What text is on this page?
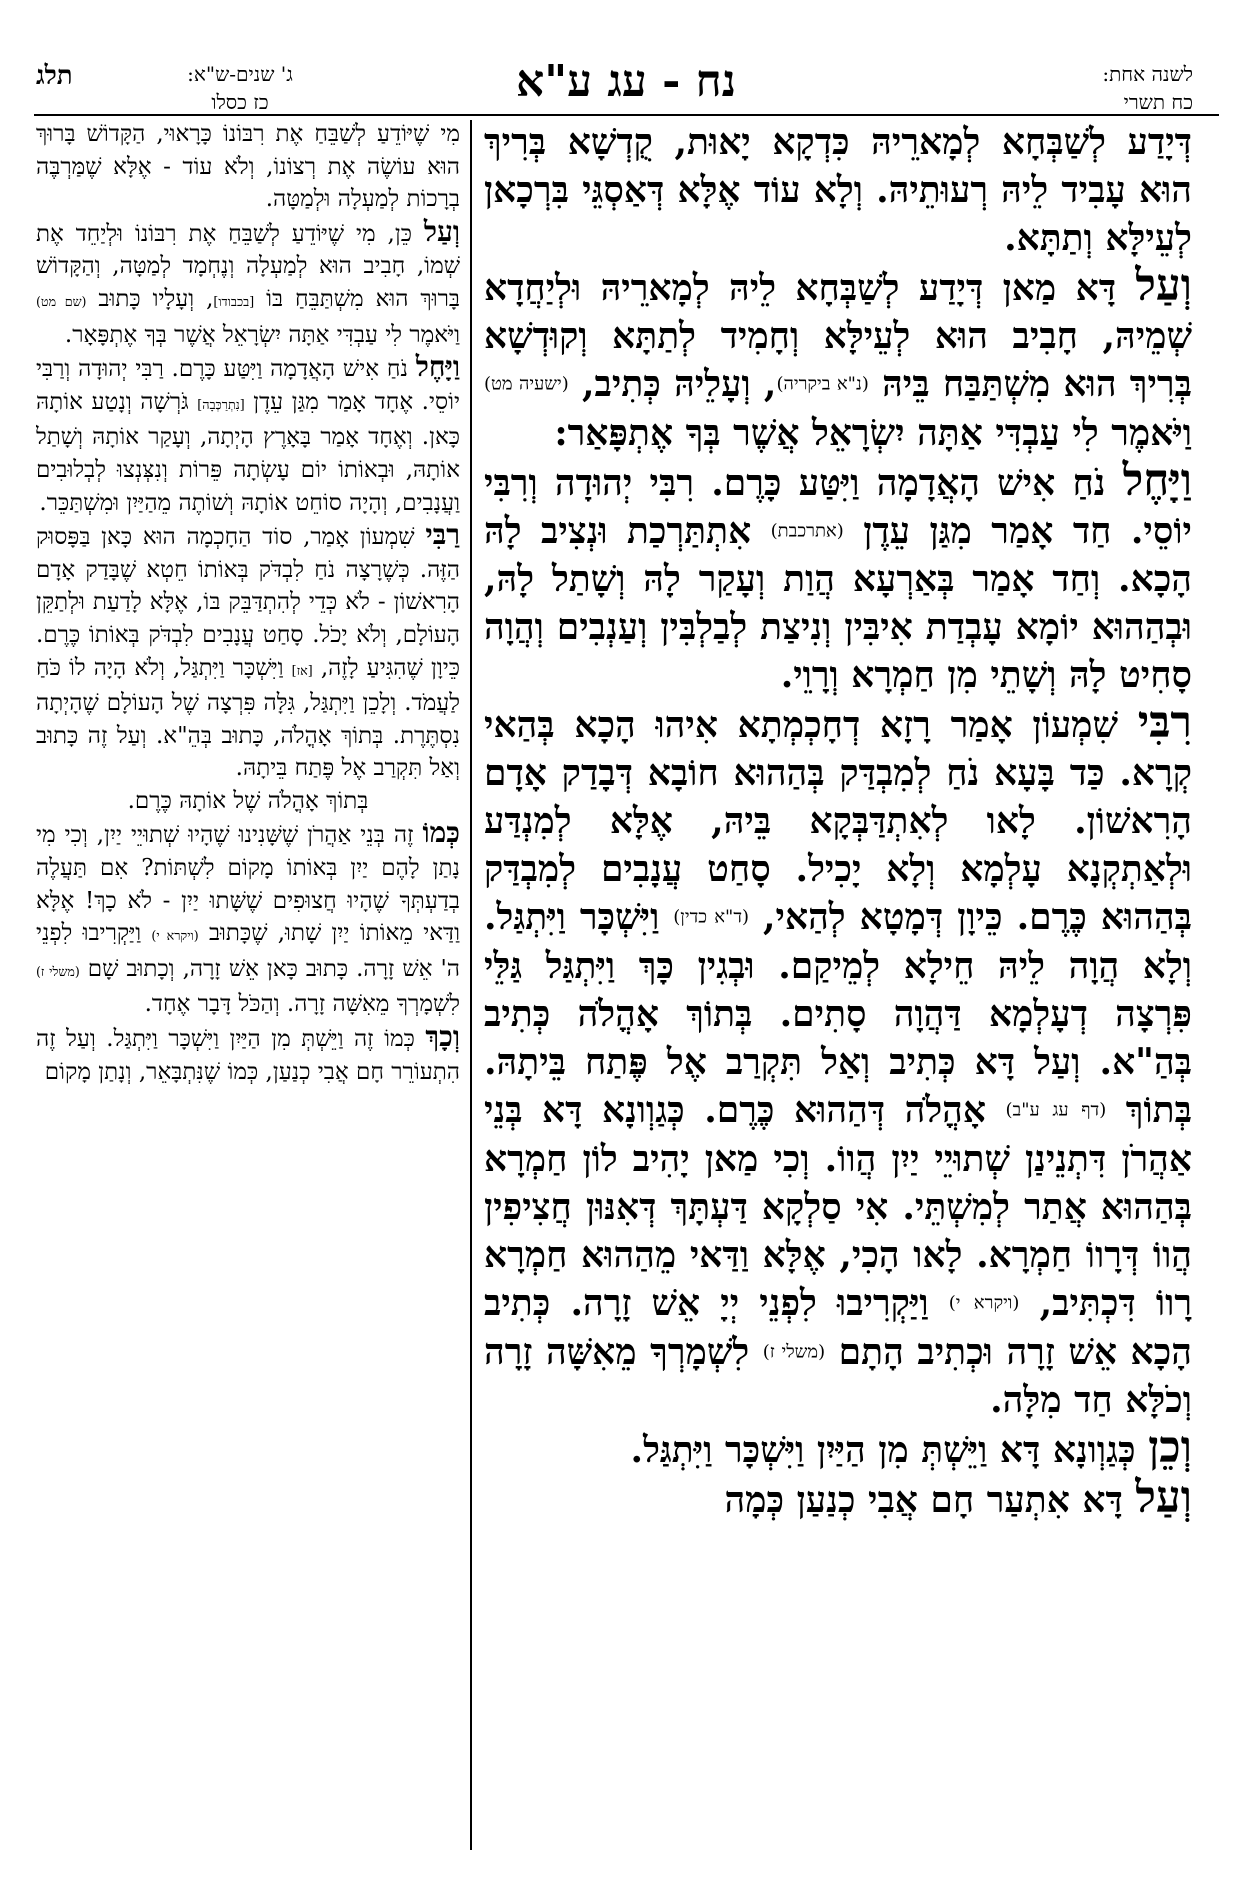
לשנה אחת:
כח תשרי
נח - עג ע"א
ג' שנים-ש"א:
כז כסלו
תלג

דְּיָדַע לְשַׁבְּחָא לְמָארֵיהּ כִּדְקָא יָאוּת, קֻדְשָׁא בְּרִיךְ הוּא עָבִיד לֵיהּ רְעוּתֵיהּ. וְלָא עוֹד אֶלָּא דְּאַסְגֵּי בִּרְכָאן לְעֵילָּא וְתַתָּא.

וְעַל דָּא מַאן דְּיָדַע לְשַׁבְּחָא לֵיהּ לְמָארֵיהּ וּלְיַחֲדָא שְׁמֵיהּ, חָבִיב הוּא לְעֵילָּא וְחָמִיד לְתַתָּא וְקוּדְשָׁא בְּרִיךְ הוּא מִשְׁתַּבַּח בֵּיהּ (נ"א ביקריה), וְעָלֵיהּ כְּתִיב, (ישעיה מט) וַיֹּאמֶר לִי עַבְדִּי אַתָּה יִשְׂרָאֵל אֲשֶׁר בְּךָ אֶתְפָּאַר:

וַיָּחֶל נֹחַ אִישׁ הָאֲדָמָה וַיִּטַּע כָּרֶם. רִבִּי יְהוּדָה וְרִבִּי יוֹסֵי. חַד אָמַר מִגַּן עֵדֶן (אתרכבת) אִתְתַּרְכַת וּנְצִיב לָהּ הָכָא. וְחַד אָמַר בְּאַרְעָא הֲוַת וְעָקַר לָהּ וְשָׁתַל לָהּ, וּבְהַהוּא יוֹמָא עָבְדַת אִיבִּין וְנִיצַת לְבַלְבִּין וְעַנְבִים וְהֲוָה סָחִיט לָהּ וְשָׁתֵי מִן חַמְרָא וְרָוֵי.

רִבִּי שִׁמְעוֹן אָמַר רָזָא דְחָכְמְתָא אִיהוּ הָכָא בְּהַאי קְרָא. כַּד בָּעָא נֹחַ לְמִבְדַּק בְּהַהוּא חוֹבָא דְּבָדַק אָדָם הָרִאשׁוֹן. לָאו לְאִתְדַּבְּקָא בֵּיהּ, אֶלָּא לְמִנְדַּע וּלְאַתְקְנָא עָלְמָא וְלָא יָכִיל. סָחַט עֲנָבִים לְמִבְדַּק בְּהַהוּא כֶּרֶם. כֵּיוָן דְּמָטָא לְהַאי, (ד"א כדין) וַיִּשְׁכָּר וַיִּתְגַּל. וְלָא הֲוָה לֵיהּ חֵילָא לְמֵיקַם. וּבְגִין כָּךְ וַיִּתְגַּל גַּלֵּי פִּרְצָה דְעָלְמָא דַּהֲוָה סָתִים. בְּתוֹךְ אָהֳלֹה כְּתִיב בְּהַ"א. וְעַל דָּא כְּתִיב וְאַל תִּקְרַב אֶל פֶּתַח בֵּיתָהּ. בְּתוֹךְ (דף עג ע"ב) אָהֳלֹה דְּהַהוּא כֶּרֶם. כְּגַוְונָא דָּא בְּנֵי אַהֲרֹן דִּתְנֵינַן שְׁתוּיֵי יַיִן הֲווֹ. וְכִי מַאן יָהִיב לוֹן חַמְרָא בְּהַהוּא אֲתַר לְמִשְׁתֵּי. אִי סַלְקָא דַּעְתָּךְ דְּאִנּוּן חֲצִיפִין הֲווֹ דְּרָווֹ חַמְרָא. לָאו הָכִי, אֶלָּא וַדַּאי מֵהַהוּא חַמְרָא רָווֹ דִּכְתִּיב, (ויקרא י) וַיַּקְרִיבוּ לִפְנֵי יְיָ אֵשׁ זָרָה. כְּתִיב הָכָא אֵשׁ זָרָה וּכְתִיב הָתָם (משלי ז) לִשְׁמָרְךָ מֵאִשָּׁה זָרָה וְכֹלָּא חַד מִלָּה.

וְכֵן כְּגַוְונָא דָּא וַיֵּשְׁתְּ מִן הַיַּיִן וַיִּשְׁכָּר וַיִּתְגַּל.

וְעַל דָּא אִתְעַר חָם אֲבִי כְנַעַן כְּמָה

מִי שֶׁיּוֹדֵעַ לְשַׁבֵּחַ אֶת רִבּוֹנוֹ כָּרָאוּי, הַקָּדוֹשׁ בָּרוּךְ הוּא עוֹשֶׂה אֶת רְצוֹנוֹ, וְלֹא עוֹד - אֶלָּא שֶׁמַּרְבֶּה בְרָכוֹת לְמַעְלָה וּלְמַטָּה.

וְעַל כֵּן, מִי שֶׁיּוֹדֵעַ לְשַׁבֵּחַ אֶת רִבּוֹנוֹ וּלְיַחֵד אֶת שְׁמוֹ, חָבִיב הוּא לְמַעְלָה וְנֶחְמָד לְמַטָּה, וְהַקָּדוֹשׁ בָּרוּךְ הוּא מִשְׁתַּבֵּחַ בּוֹ [בכבודו], וְעָלָיו כָּתוּב (שם מט) וַיֹּאמֶר לִי עַבְדִּי אַתָּה יִשְׂרָאֵל אֲשֶׁר בְּךָ אֶתְפָּאָר.

וַיָּחֶל נֹחַ אִישׁ הָאֲדָמָה וַיִּטַּע כָּרֶם. רַבִּי יְהוּדָה וְרַבִּי יוֹסֵי. אֶחָד אָמַר מִגַּן עֵדֶן [נִתְרַכְּבָה] גֹּרְשָׁה וְנָטַע אוֹתָהּ כָּאן. וְאֶחָד אָמַר בָּאָרֶץ הָיְתָה, וְעָקַר אוֹתָהּ וְשָׁתַל אוֹתָהּ, וּבְאוֹתוֹ יוֹם עָשְׂתָה פֵּרוֹת וְנִצְּנְצוּ לְבְלוּבִים וַעֲנָבִים, וְהָיָה סוֹחֵט אוֹתָהּ וְשׁוֹתֶה מֵהַיַּיִן וּמִשְׁתַּכֵּר.

רַבִּי שִׁמְעוֹן אָמַר, סוֹד הַחָכְמָה הוּא כָּאן בַּפָּסוּק הַזֶּה. כְּשֶׁרָצָה נֹחַ לִבְדֹּק בְּאוֹתוֹ חֵטְא שֶׁבָּדַק אָדָם הָרִאשׁוֹן - לֹא כְּדֵי לְהִתְדַּבֵּק בּוֹ, אֶלָּא לָדַעַת וּלְתַקֵּן הָעוֹלָם, וְלֹא יָכֹל. סָחַט עֲנָבִים לִבְדֹּק בְּאוֹתוֹ כֶּרֶם. כֵּיוָן שֶׁהִגִּיעַ לָזֶה, [אז] וַיִּשְׁכָּר וַיִּתְגַּל, וְלֹא הָיָה לוֹ כֹּחַ לַעֲמֹד. וְלָכֵן וַיִּתְגַּל, גִּלָּה פִּרְצָה שֶׁל הָעוֹלָם שֶׁהָיְתָה נִסְתֶּרֶת. בְּתוֹךְ אָהֳלֹה, כָּתוּב בְּהֵ"א. וְעַל זֶה כָּתוּב וְאַל תִּקְרַב אֶל פֶּתַח בֵּיתָהּ.

בְּתוֹךְ אָהֳלֹה שֶׁל אוֹתָהּ כֶּרֶם.

כְּמוֹ זֶה בְּנֵי אַהֲרֹן שֶׁשָּׁנִינוּ שֶׁהָיוּ שְׁתוּיֵי יַיִן, וְכִי מִי נָתַן לָהֶם יַיִן בְּאוֹתוֹ מָקוֹם לִשְׁתּוֹת? אִם תַּעֲלֶה בְדַעְתְּךָ שֶׁהָיוּ חֲצוּפִים שֶׁשָּׁתוּ יַיִן - לֹא כָךְ! אֶלָּא וַדַּאי מֵאוֹתוֹ יַיִן שָׁתוּ, שֶׁכָּתוּב (ויקרא י) וַיַּקְרִיבוּ לִפְנֵי ה' אֵשׁ זָרָה. כָּתוּב כָּאן אֵשׁ זָרָה, וְכָתוּב שָׁם (משלי ז) לִשְׁמָרְךָ מֵאִשָּׁה זָרָה. וְהַכֹּל דָּבָר אֶחָד.

וְכָךְ כְּמוֹ זֶה וַיֵּשְׁתְּ מִן הַיַּיִן וַיִּשְׁכָּר וַיִּתְגַּל. וְעַל זֶה הִתְעוֹרֵר חָם אֲבִי כְנַעַן, כְּמוֹ שֶׁנִּתְבָּאֵר, וְנָתַן מָקוֹם
